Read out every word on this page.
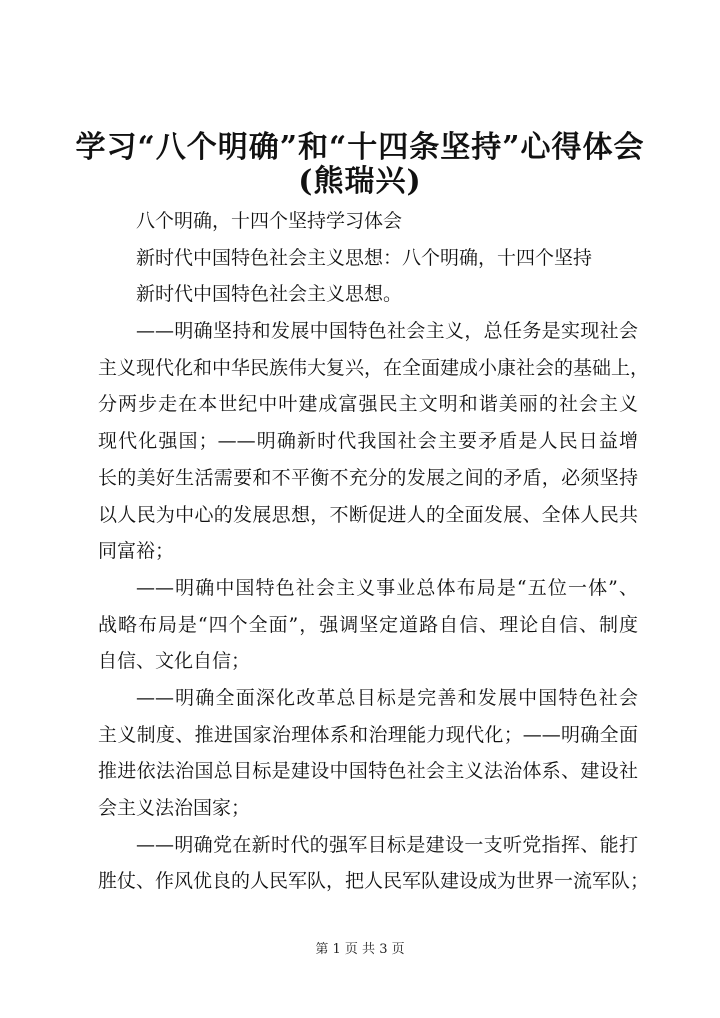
学习“八个明确”和“十四条坚持”心得体会
(熊瑞兴)
八个明确，十四个坚持学习体会
新时代中国特色社会主义思想：八个明确，十四个坚持
新时代中国特色社会主义思想。
——明确坚持和发展中国特色社会主义，总任务是实现社会
主义现代化和中华民族伟大复兴，在全面建成小康社会的基础上，
分两步走在本世纪中叶建成富强民主文明和谐美丽的社会主义
现代化强国；——明确新时代我国社会主要矛盾是人民日益增
长的美好生活需要和不平衡不充分的发展之间的矛盾，必须坚持
以人民为中心的发展思想，不断促进人的全面发展、全体人民共
同富裕；
——明确中国特色社会主义事业总体布局是“五位一体”、
战略布局是“四个全面”，强调坚定道路自信、理论自信、制度
自信、文化自信；
——明确全面深化改革总目标是完善和发展中国特色社会
主义制度、推进国家治理体系和治理能力现代化；——明确全面
推进依法治国总目标是建设中国特色社会主义法治体系、建设社
会主义法治国家；
——明确党在新时代的强军目标是建设一支听党指挥、能打
胜仗、作风优良的人民军队，把人民军队建设成为世界一流军队；
第 1 页 共 3 页
